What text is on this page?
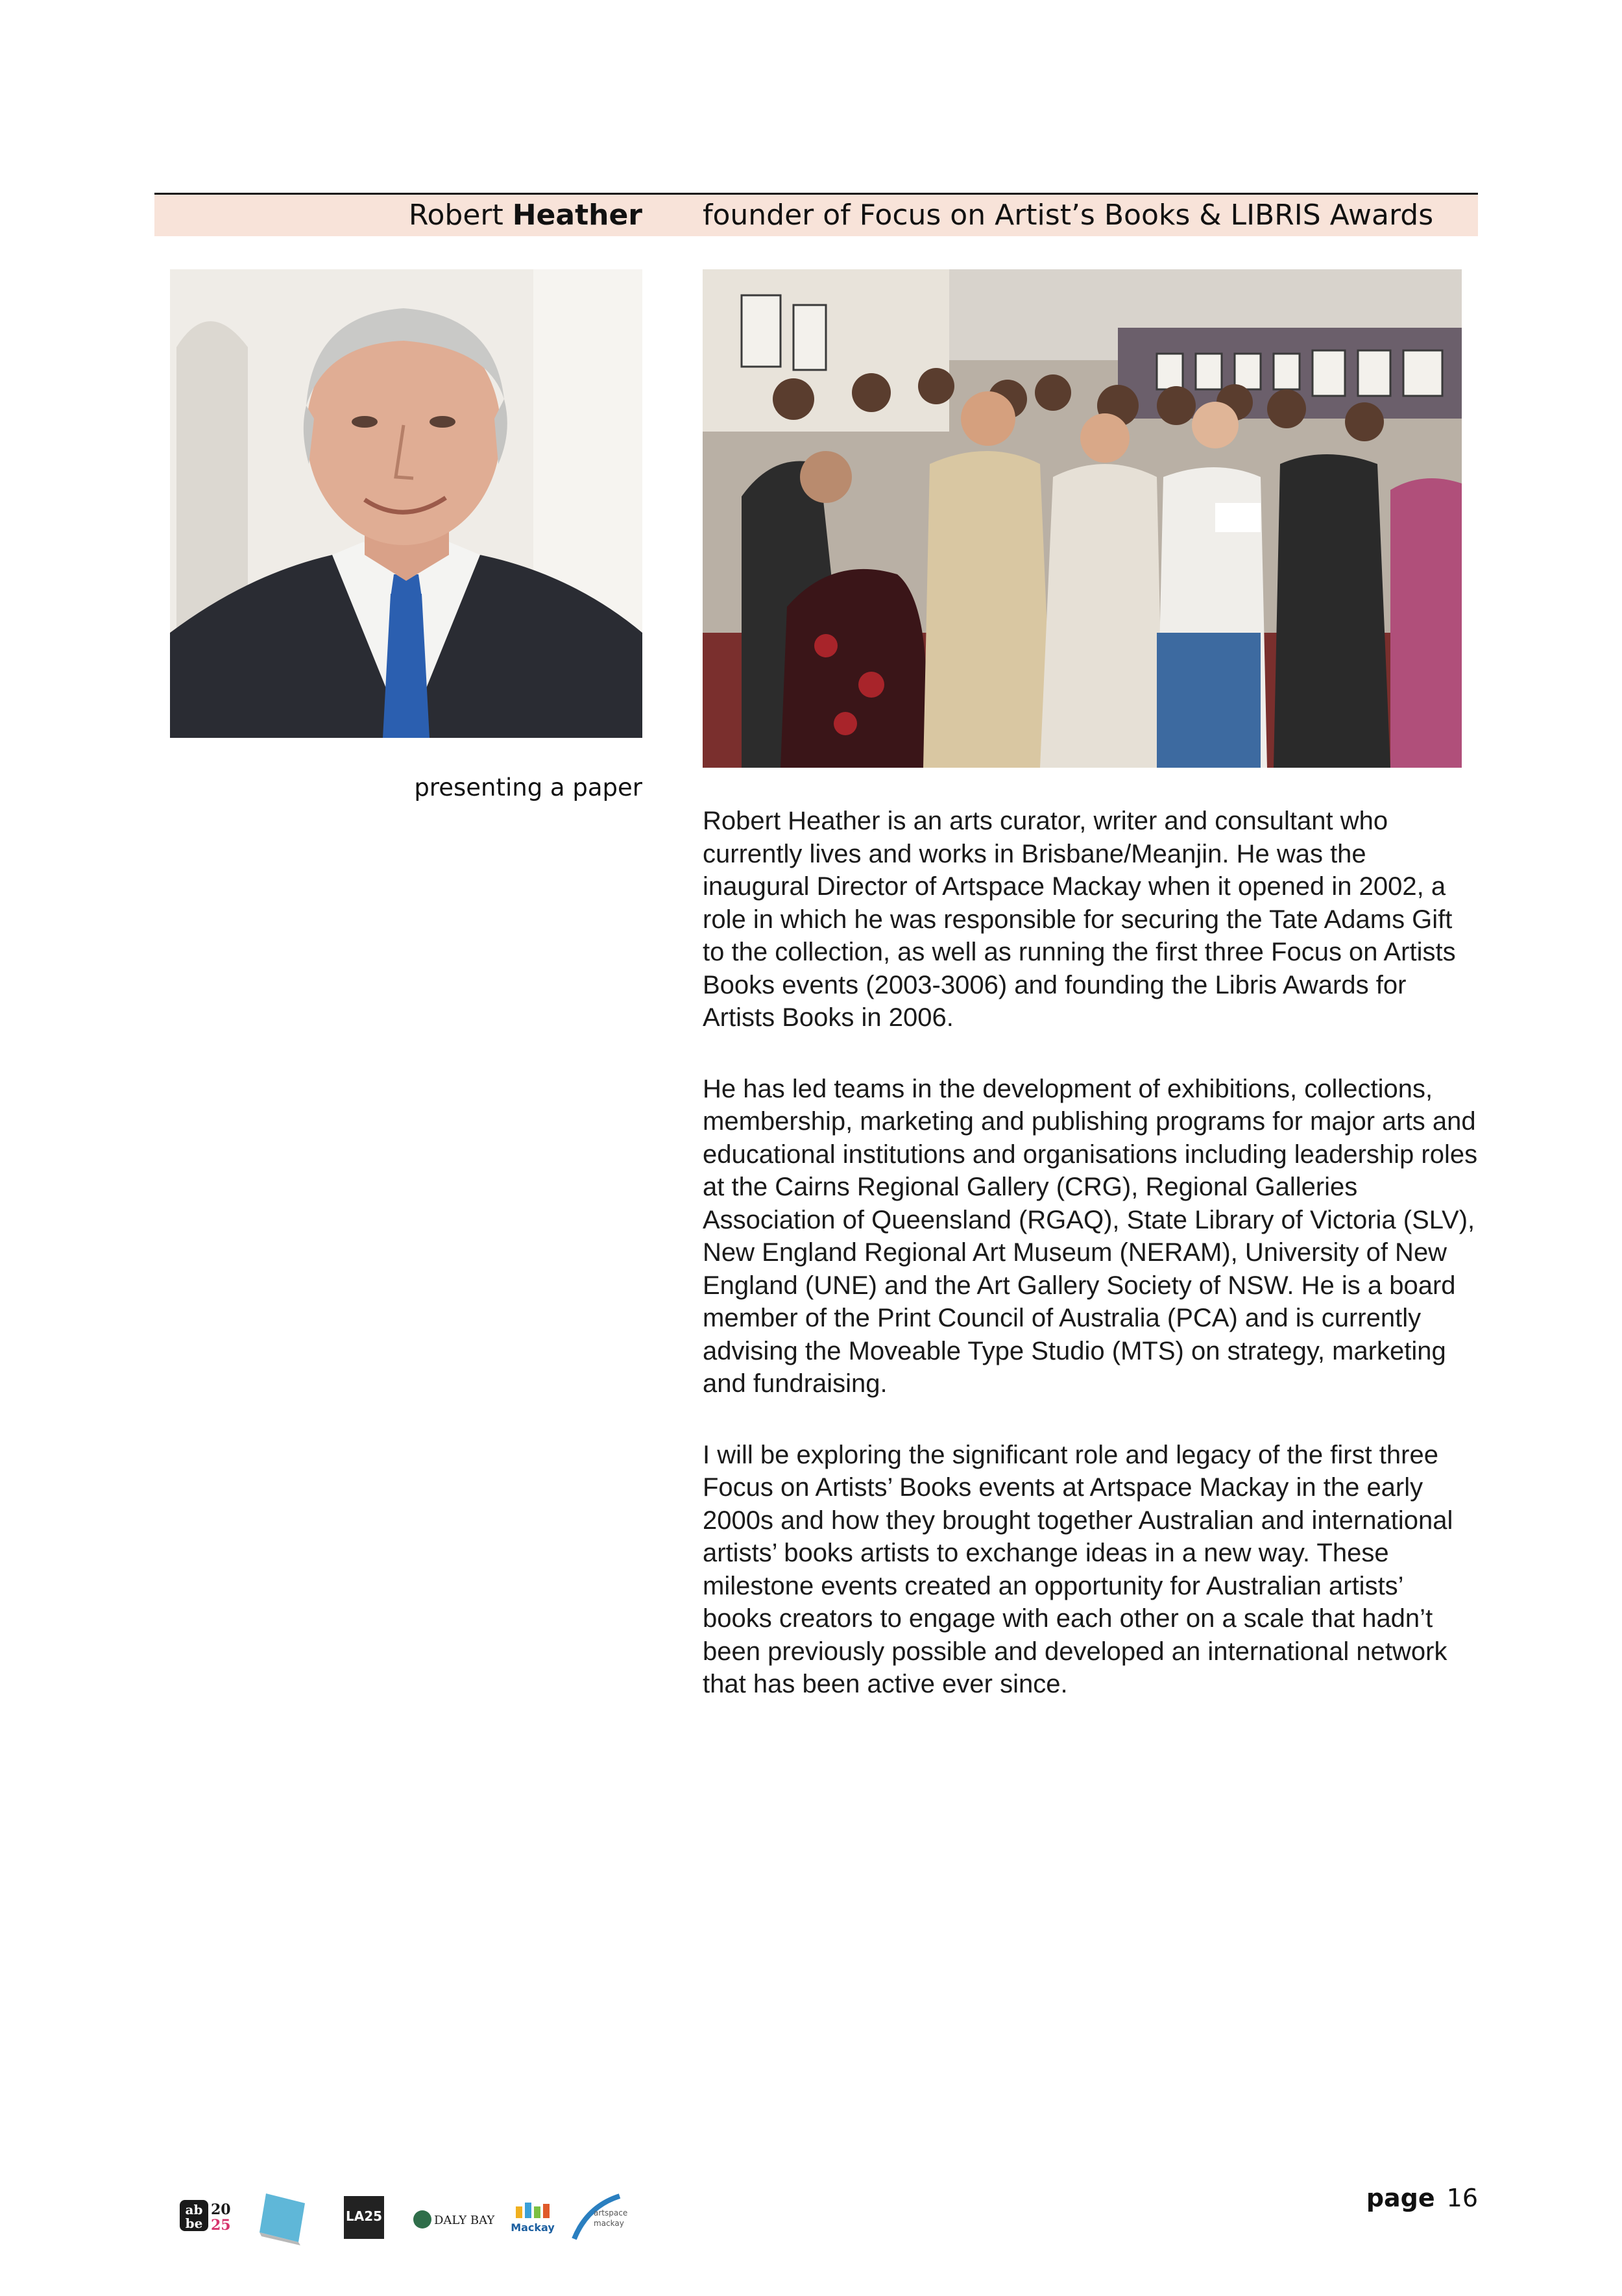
Robert Heather founder of Focus on Artist’s Books & LIBRIS Awards
presenting a paper

Robert Heather is an arts curator, writer and consultant who currently lives and works in Brisbane/Meanjin. He was the inaugural Director of Artspace Mackay when it opened in 2002, a role in which he was responsible for securing the Tate Adams Gift to the collection, as well as running the first three Focus on Artists Books events (2003-3006) and founding the Libris Awards for Artists Books in 2006.

He has led teams in the development of exhibitions, collections, membership, marketing and publishing programs for major arts and educational institutions and organisations including leadership roles at the Cairns Regional Gallery (CRG), Regional Galleries Association of Queensland (RGAQ), State Library of Victoria (SLV), New England Regional Art Museum (NERAM), University of New England (UNE) and the Art Gallery Society of NSW. He is a board member of the Print Council of Australia (PCA) and is currently advising the Moveable Type Studio (MTS) on strategy, marketing and fundraising.

I will be exploring the significant role and legacy of the first three Focus on Artists’ Books events at Artspace Mackay in the early 2000s and how they brought together Australian and international artists’ books artists to exchange ideas in a new way. These milestone events created an opportunity for Australian artists’ books creators to engage with each other on a scale that hadn’t been previously possible and developed an international network that has been active ever since.

ab
be
20
25
LA25	DALY BAY
Mackay
artspace
mackay
page 16
